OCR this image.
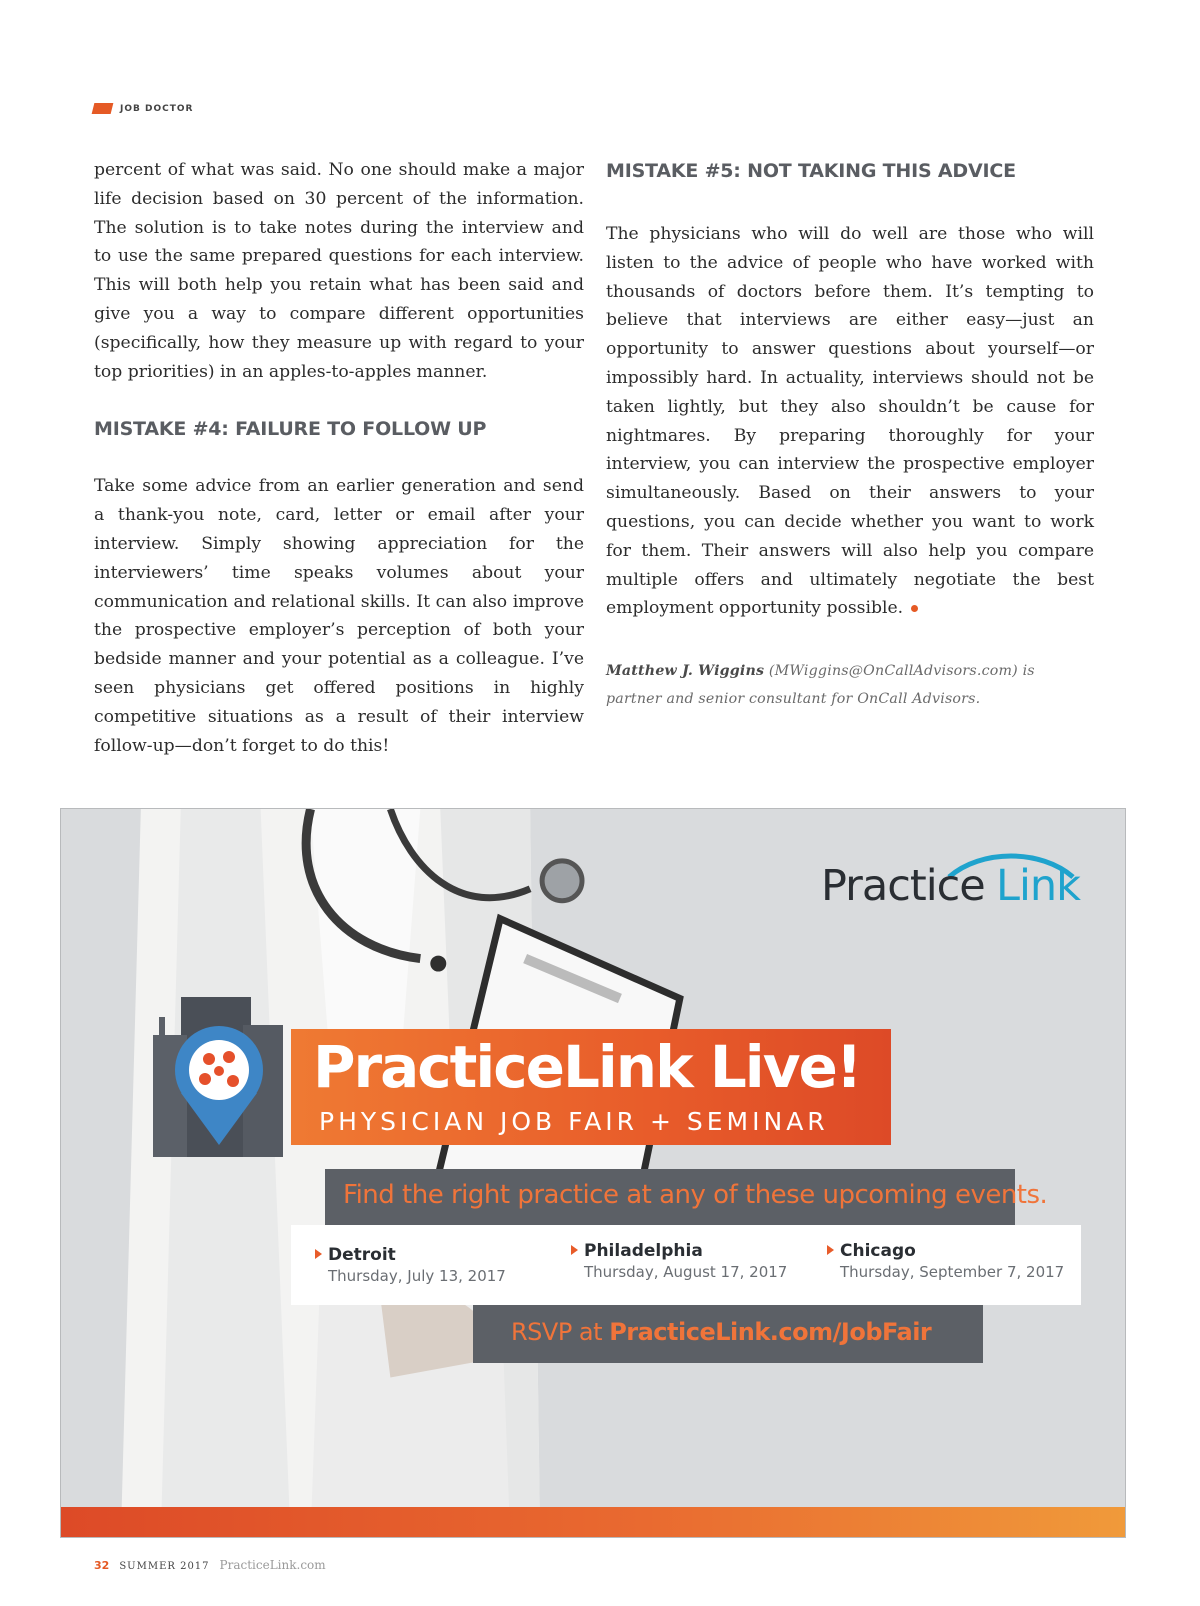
JOB DOCTOR

percent of what was said. No one should make a major life decision based on 30 percent of the information. The solution is to take notes during the interview and to use the same prepared questions for each interview. This will both help you retain what has been said and give you a way to compare different opportunities (specifically, how they measure up with regard to your top priorities) in an apples-to-apples manner.

MISTAKE #4: FAILURE TO FOLLOW UP

Take some advice from an earlier generation and send a thank-you note, card, letter or email after your interview. Simply showing appreciation for the interviewers’ time speaks volumes about your communication and relational skills. It can also improve the prospective employer’s perception of both your bedside manner and your potential as a colleague. I’ve seen physicians get offered positions in highly competitive situations as a result of their interview follow-up—don’t forget to do this!

MISTAKE #5: NOT TAKING THIS ADVICE

The physicians who will do well are those who will listen to the advice of people who have worked with thousands of doctors before them. It’s tempting to believe that interviews are either easy—just an opportunity to answer questions about yourself—or impossibly hard. In actuality, interviews should not be taken lightly, but they also shouldn’t be cause for nightmares. By preparing thoroughly for your interview, you can interview the prospective employer simultaneously. Based on their answers to your questions, you can decide whether you want to work for them. Their answers will also help you compare multiple offers and ultimately negotiate the best employment opportunity possible.

Matthew J. Wiggins (MWiggins@OnCallAdvisors.com) is partner and senior consultant for OnCall Advisors.

Practice Link
PracticeLink Live!
PHYSICIAN JOB FAIR + SEMINAR
Find the right practice at any of these upcoming events.
Detroit
Thursday, July 13, 2017
Philadelphia
Thursday, August 17, 2017
Chicago
Thursday, September 7, 2017
RSVP at PracticeLink.com/JobFair
32 SUMMER 2017 PracticeLink.com
